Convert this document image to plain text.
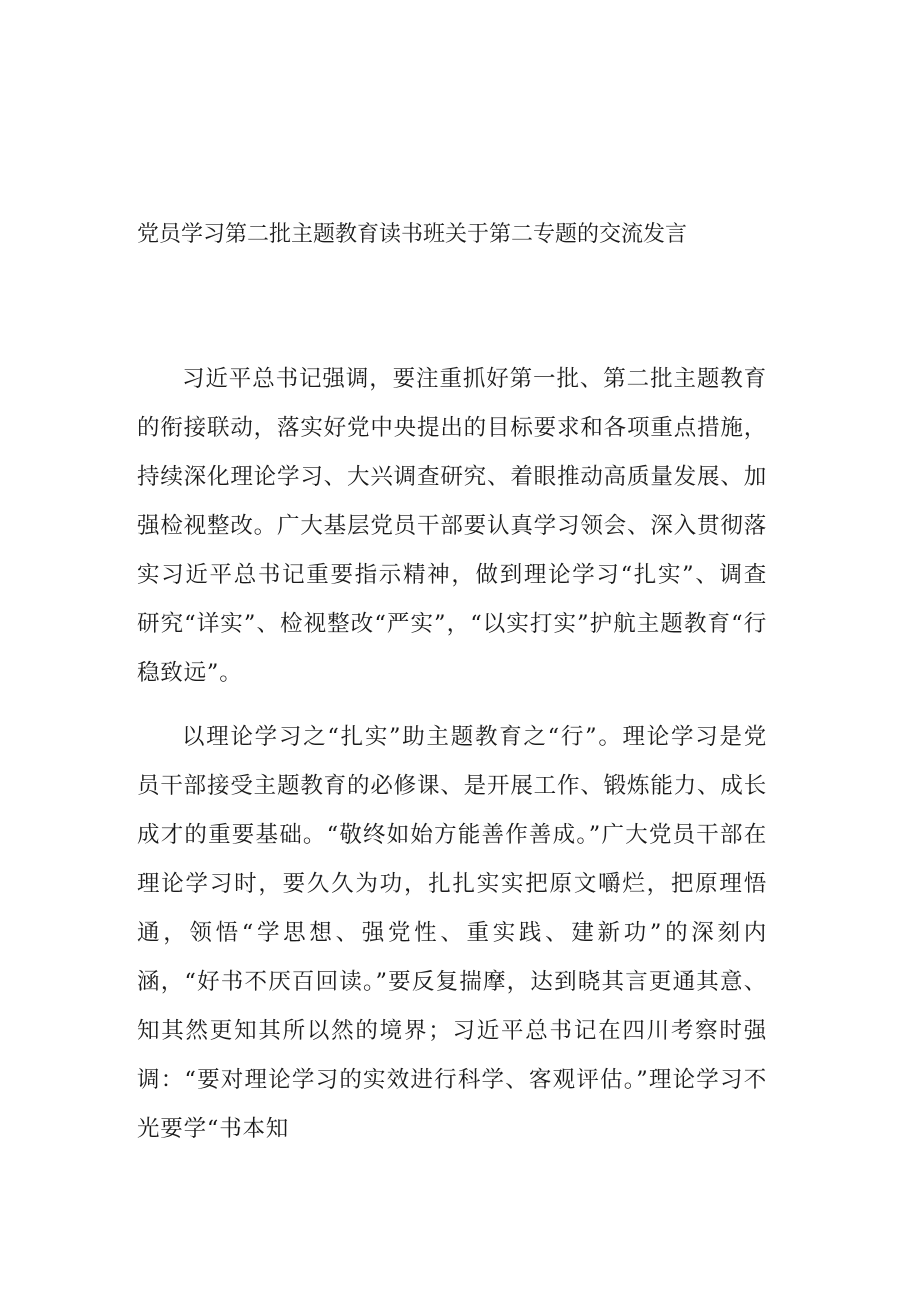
党员学习第二批主题教育读书班关于第二专题的交流发言

习近平总书记强调，要注重抓好第一批、第二批主题教育的衔接联动，落实好党中央提出的目标要求和各项重点措施，持续深化理论学习、大兴调查研究、着眼推动高质量发展、加强检视整改。广大基层党员干部要认真学习领会、深入贯彻落实习近平总书记重要指示精神，做到理论学习“扎实”、调查研究“详实”、检视整改“严实”，“以实打实”护航主题教育“行稳致远”。

以理论学习之“扎实”助主题教育之“行”。理论学习是党员干部接受主题教育的必修课、是开展工作、锻炼能力、成长成才的重要基础。“敬终如始方能善作善成。”广大党员干部在理论学习时，要久久为功，扎扎实实把原文嚼烂，把原理悟通，领悟“学思想、强党性、重实践、建新功”的深刻内涵，“好书不厌百回读。”要反复揣摩，达到晓其言更通其意、知其然更知其所以然的境界；习近平总书记在四川考察时强调：“要对理论学习的实效进行科学、客观评估。”理论学习不光要学“书本知
